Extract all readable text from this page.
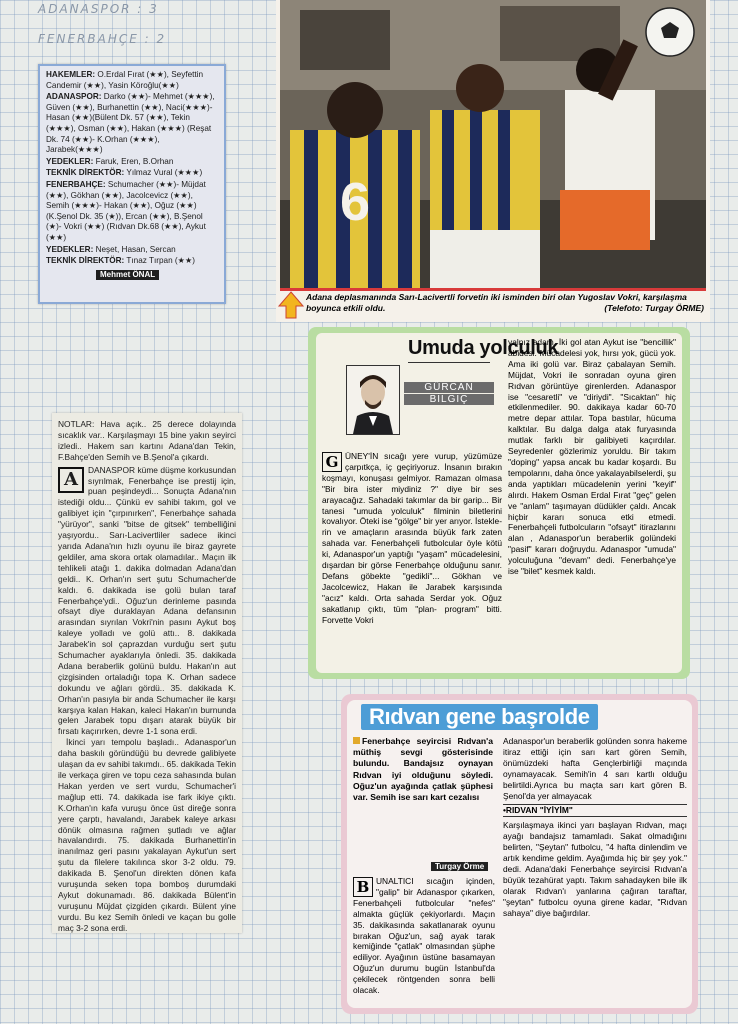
ADANASPOR : 3
FENERBAHÇE : 2

HAKEMLER: O.Erdal Fırat (★★), Seyfettin Candemir (★★), Yasin Köroğlu(★★)

ADANASPOR: Darko (★★)- Mehmet (★★★), Güven (★★), Burhanettin (★★), Naci(★★★)-Hasan (★★)(Bülent Dk. 57 (★★), Tekin (★★★), Osman (★★), Hakan (★★★) (Reşat Dk. 74 (★★)- K.Orhan (★★★), Jarabek(★★★)

YEDEKLER: Faruk, Eren, B.Orhan

TEKNİK DİREKTÖR: Yılmaz Vural (★★★)

FENERBAHÇE: Schumacher (★★)- Müjdat (★★), Gökhan (★★), Jacolcevicz (★★), Semih (★★★)- Hakan (★★), Oğuz (★★) (K.Şenol Dk. 35 (★)), Ercan (★★), B.Şenol (★)- Vokri (★★) (Rıdvan Dk.68 (★★), Aykut (★★)

YEDEKLER: Neşet, Hasan, Sercan

TEKNİK DİREKTÖR: Tınaz Tırpan (★★)

Mehmet ÖNAL
6
Adana deplasmanında Sarı-Lacivertli forvetin iki isminden biri olan Yugoslav Vokri, karşılaşma boyunca etkili oldu.	(Telefoto: Turgay ÖRME)
NOTLAR: Hava açık.. 25 derece dolayında sıcaklık var.. Karşılaşmayı 15 bine yakın seyirci izledi.. Hakem sarı kartını Adana'dan Tekin, F.Bahçe'den Semih ve B.Şenol'a çıkardı.
A	DANASPOR küme düşme korkusundan sıyrılmak, Fenerbahçe ise prestij için, puan peşindeydi... Sonuçta Adana'nın istediği oldu... Çünkü ev sahibi takım, gol ve galibiyet için "çırpınırken", Fenerbahçe sahada "yürüyor", sanki "bitse de gitsek" tembelliğini yaşıyordu.. Sarı-Lacivertliler sadece ikinci yarıda Adana'nın hızlı oyunu ile biraz gayrete geldiler, ama skora ortak olamadılar.. Maçın ilk tehlikeli atağı 1. dakika dolmadan Adana'dan geldi.. K. Orhan'ın sert şutu Schumacher'de kaldı. 6. dakikada ise golü bulan taraf Fenerbahçe'ydi.. Oğuz'un derinleme pasında ofsayt diye duraklayan Adana defansının arasından sıyrılan Vokri'nin pasını Aykut boş kaleye yolladı ve golü attı.. 8. dakikada Jarabek'in sol çaprazdan vurduğu sert şutu Schumacher ayaklarıyla önledi. 35. dakikada Adana beraberlik golünü buldu. Hakan'ın aut çizgisinden ortaladığı topa K. Orhan sadece dokundu ve ağları gördü.. 35. dakikada K. Orhan'ın pasıyla bir anda Schumacher ile karşı karşıya kalan Hakan, kaleci Hakan'ın burnunda gelen Jarabek topu dışarı atarak büyük bir fırsatı kaçırırken, devre 1-1 sona erdi.
İkinci yarı tempolu başladı.. Adanaspor'un daha baskılı göründüğü bu devrede galibiyete ulaşan da ev sahibi takımdı.. 65. dakikada Tekin ile verkaça giren ve topu ceza sahasında bulan Hakan yerden ve sert vurdu, Schumacher'i mağlup etti. 74. dakikada ise fark ikiye çıktı. K.Orhan'ın kafa vuruşu önce üst direğe sonra yere çarptı, havalandı, Jarabek kaleye arkası dönük olmasına rağmen şutladı ve ağlar havalandırdı. 75. dakikada Burhanettin'in inanılmaz geri pasını yakalayan Aykut'un sert şutu da filelere takılınca skor 3-2 oldu. 79. dakikada B. Şenol'un direkten dönen kafa vuruşunda seken topa bomboş durumdaki Aykut dokunamadı. 86. dakikada Bülent'in vuruşunu Müjdat çizgiden çıkardı. Bülent yine vurdu. Bu kez Semih önledi ve kaçan bu golle maç 3-2 sona erdi.
Umuda yolculuk
GÜRCAN
BİLGİÇ
G ÜNEY'İN sıcağı yere vurup, yüzümüze çarpıtkça, iç geçiriyoruz. İnsanın bırakın koşmayı, konuşası gelmiyor. Ramazan olmasa "Bir bira ister miydiniz ?" diye bir ses arayacağız. Sahadaki takımlar da bir garip... Bir tanesi "umuda yolculuk" filminin biletlerini kovalıyor. Öteki ise "gölge" bir yer arıyor. İsteklerin ve amaçların arasında büyük fark zaten sahada var. Fenerbahçeli futbolcular öyle kötü ki, Adanaspor'un yaptığı "yaşam" mücadelesini, dışardan bir görse Fenerbahçe olduğunu sanır. Defans göbekte "gedikli"... Gökhan ve Jacolcewicz, Hakan ile Jarabek karşısında "acız" kaldı. Orta sahada Serdar yok. Oğuz sakatlanıp çıktı, tüm "plan- program" bitti. Forvette Vokri
yalnız adam. İki gol atan Aykut ise "bencillik" abidesi. Mücadelesi yok, hırsı yok, gücü yok. Ama iki golü var. Biraz çabalayan Semih. Müjdat, Vokri ile sonradan oyuna giren Rıdvan görüntüye girenlerden. Adanaspor ise "cesaretli" ve "diriydi". "Sıcaktan" hiç etkilenmediler. 90. dakikaya kadar 60-70 metre depar attılar. Topa bastılar, hücuma kalktılar. Bu dalga dalga atak furyasında mutlak farklı bir galibiyeti kaçırdılar. Seyredenler gözlerimiz yoruldu. Bir takım "doping" yapsa ancak bu kadar koşardı. Bu tempolarını, daha önce yakalayabilselerdi, şu anda yaptıkları mücadelenin yerini "keyif" alırdı. Hakem Osman Erdal Fırat "geç" gelen ve "anlam" taşımayan düdükler çaldı. Ancak hiçbir kararı sonuca etki etmedi. Fenerbahçeli futbolcuların "ofsayt" itirazlarını alan , Adanaspor'un beraberlik golündeki "pasif" kararı doğruydu. Adanaspor "umuda" yolculuğuna "devam" dedi. Fenerbahçe'ye ise "bilet" kesmek kaldı.
Rıdvan gene başrolde
Fenerbahçe seyircisi Rıdvan'a müthiş sevgi gösterisinde bulundu. Bandajsız oynayan Rıdvan iyi olduğunu söyledi. Oğuz'un ayağında çatlak şüphesi var. Semih ise sarı kart cezalısı
Turgay Örme
B UNALTICI sıcağın içinden, "galip" bir Adanaspor çıkarken, Fenerbahçeli futbolcular "nefes" almakta güçlük çekiyorlardı. Maçın 35. dakikasında sakatlanarak oyunu bırakan Oğuz'un, sağ ayak tarak kemiğinde "çatlak" olmasından şüphe ediliyor. Ayağının üstüne basamayan Oğuz'un durumu bugün İstanbul'da çekilecek röntgenden sonra belli olacak.
Adanaspor'un beraberlik golünden sonra hakeme itiraz ettiği için sarı kart gören Semih, önümüzdeki hafta Gençlerbirliği maçında oynamayacak. Semih'in 4 sarı kartlı olduğu belirtildi.Ayrıca bu maçta sarı kart gören B. Şenol'da yer almayacak
•RIDVAN "İYİYİM"
Karşılaşmaya ikinci yarı başlayan Rıdvan, maçı ayağı bandajsız tamamladı. Sakat olmadığını belirten, "Şeytan" futbolcu, "4 hafta dinlendim ve artık kendime geldim. Ayağımda hiç bir şey yok." dedi. Adana'daki Fenerbahçe seyircisi Rıdvan'a büyük tezahürat yaptı. Takım sahadayken bile ilk olarak Rıdvan'ı yanlarına çağıran taraftar, "şeytan" futbolcu oyuna girene kadar, "Rıdvan sahaya" diye bağırdılar.
